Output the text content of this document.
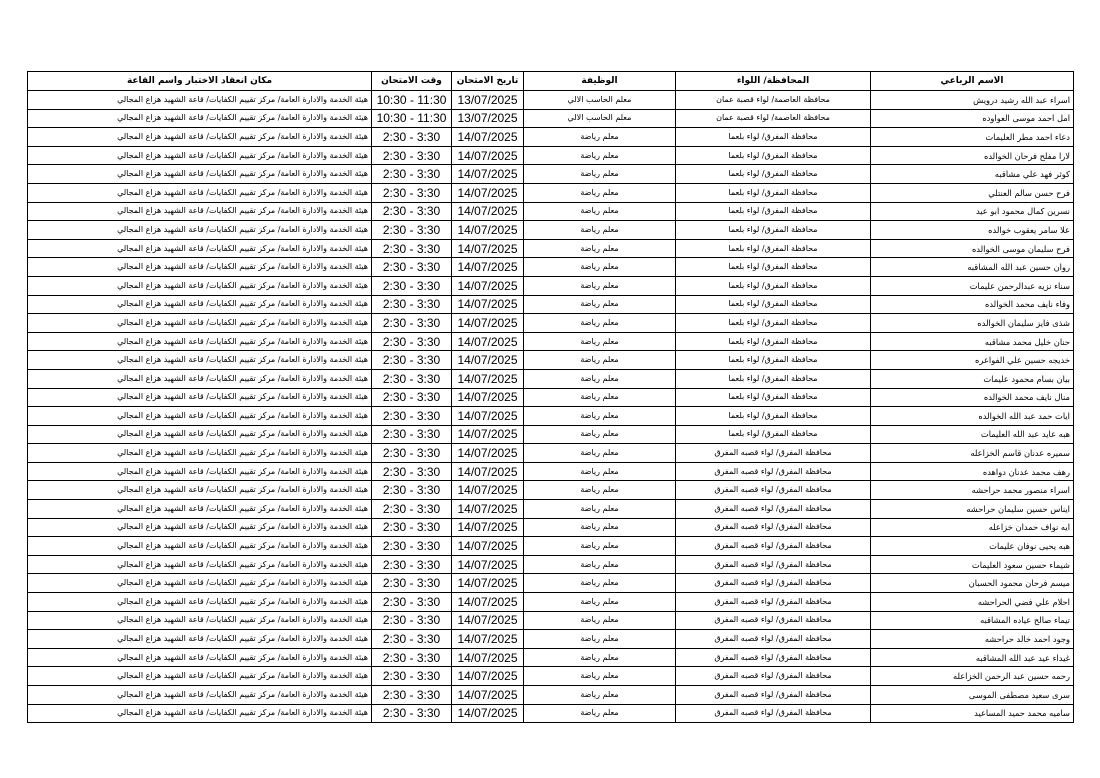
الاسم الرباعي	المحافظة/ اللواء	الوظيفة	تاريخ الامتحان	وقت الامتحان	مكان انعقاد الاختبار واسم القاعة
اسراء عبد الله رشيد درويش	محافظة العاصمة/ لواء قصبة عمان	معلم الحاسب الالي	13/07/2025	10:30 - 11:30	هيئة الخدمة والادارة العامة/ مركز تقييم الكفايات/ قاعة الشهيد هزاع المجالي
امل احمد موسى العواوده	محافظة العاصمة/ لواء قصبة عمان	معلم الحاسب الالي	13/07/2025	10:30 - 11:30	هيئة الخدمة والادارة العامة/ مركز تقييم الكفايات/ قاعة الشهيد هزاع المجالي
دعاء احمد مطر العليمات	محافظة المفرق/ لواء بلعما	معلم رياضة	14/07/2025	2:30 - 3:30	هيئة الخدمة والادارة العامة/ مركز تقييم الكفايات/ قاعة الشهيد هزاع المجالي
لارا مفلح فرحان الخوالده	محافظة المفرق/ لواء بلعما	معلم رياضة	14/07/2025	2:30 - 3:30	هيئة الخدمة والادارة العامة/ مركز تقييم الكفايات/ قاعة الشهيد هزاع المجالي
كوثر فهد علي مشاقبه	محافظة المفرق/ لواء بلعما	معلم رياضة	14/07/2025	2:30 - 3:30	هيئة الخدمة والادارة العامة/ مركز تقييم الكفايات/ قاعة الشهيد هزاع المجالي
فرح حسن سالم العنتلي	محافظة المفرق/ لواء بلعما	معلم رياضة	14/07/2025	2:30 - 3:30	هيئة الخدمة والادارة العامة/ مركز تقييم الكفايات/ قاعة الشهيد هزاع المجالي
نسرين كمال محمود ابو عيد	محافظة المفرق/ لواء بلعما	معلم رياضة	14/07/2025	2:30 - 3:30	هيئة الخدمة والادارة العامة/ مركز تقييم الكفايات/ قاعة الشهيد هزاع المجالي
علا سامر يعقوب خوالده	محافظة المفرق/ لواء بلعما	معلم رياضة	14/07/2025	2:30 - 3:30	هيئة الخدمة والادارة العامة/ مركز تقييم الكفايات/ قاعة الشهيد هزاع المجالي
فرح سليمان موسى الخوالده	محافظة المفرق/ لواء بلعما	معلم رياضة	14/07/2025	2:30 - 3:30	هيئة الخدمة والادارة العامة/ مركز تقييم الكفايات/ قاعة الشهيد هزاع المجالي
روان حسين عبد الله المشاقبه	محافظة المفرق/ لواء بلعما	معلم رياضة	14/07/2025	2:30 - 3:30	هيئة الخدمة والادارة العامة/ مركز تقييم الكفايات/ قاعة الشهيد هزاع المجالي
سناء نزيه عبدالرحمن عليمات	محافظة المفرق/ لواء بلعما	معلم رياضة	14/07/2025	2:30 - 3:30	هيئة الخدمة والادارة العامة/ مركز تقييم الكفايات/ قاعة الشهيد هزاع المجالي
وفاء نايف محمد الخوالده	محافظة المفرق/ لواء بلعما	معلم رياضة	14/07/2025	2:30 - 3:30	هيئة الخدمة والادارة العامة/ مركز تقييم الكفايات/ قاعة الشهيد هزاع المجالي
شذى فايز سليمان الخوالده	محافظة المفرق/ لواء بلعما	معلم رياضة	14/07/2025	2:30 - 3:30	هيئة الخدمة والادارة العامة/ مركز تقييم الكفايات/ قاعة الشهيد هزاع المجالي
حنان خليل محمد مشاقبه	محافظة المفرق/ لواء بلعما	معلم رياضة	14/07/2025	2:30 - 3:30	هيئة الخدمة والادارة العامة/ مركز تقييم الكفايات/ قاعة الشهيد هزاع المجالي
خديجه حسين علي الفواعره	محافظة المفرق/ لواء بلعما	معلم رياضة	14/07/2025	2:30 - 3:30	هيئة الخدمة والادارة العامة/ مركز تقييم الكفايات/ قاعة الشهيد هزاع المجالي
بيان بسام محمود عليمات	محافظة المفرق/ لواء بلعما	معلم رياضة	14/07/2025	2:30 - 3:30	هيئة الخدمة والادارة العامة/ مركز تقييم الكفايات/ قاعة الشهيد هزاع المجالي
منال نايف محمد الخوالده	محافظة المفرق/ لواء بلعما	معلم رياضة	14/07/2025	2:30 - 3:30	هيئة الخدمة والادارة العامة/ مركز تقييم الكفايات/ قاعة الشهيد هزاع المجالي
ايات حمد عبد الله الخوالده	محافظة المفرق/ لواء بلعما	معلم رياضة	14/07/2025	2:30 - 3:30	هيئة الخدمة والادارة العامة/ مركز تقييم الكفايات/ قاعة الشهيد هزاع المجالي
هبه عايد عبد الله العليمات	محافظة المفرق/ لواء بلعما	معلم رياضة	14/07/2025	2:30 - 3:30	هيئة الخدمة والادارة العامة/ مركز تقييم الكفايات/ قاعة الشهيد هزاع المجالي
سميره عدنان قاسم الخزاعله	محافظة المفرق/ لواء قصبه المفرق	معلم رياضة	14/07/2025	2:30 - 3:30	هيئة الخدمة والادارة العامة/ مركز تقييم الكفايات/ قاعة الشهيد هزاع المجالي
رهف محمد عدنان دواهده	محافظة المفرق/ لواء قصبه المفرق	معلم رياضة	14/07/2025	2:30 - 3:30	هيئة الخدمة والادارة العامة/ مركز تقييم الكفايات/ قاعة الشهيد هزاع المجالي
اسراء منصور محمد حراحشه	محافظة المفرق/ لواء قصبه المفرق	معلم رياضة	14/07/2025	2:30 - 3:30	هيئة الخدمة والادارة العامة/ مركز تقييم الكفايات/ قاعة الشهيد هزاع المجالي
ايناس حسين سليمان حراحشه	محافظة المفرق/ لواء قصبه المفرق	معلم رياضة	14/07/2025	2:30 - 3:30	هيئة الخدمة والادارة العامة/ مركز تقييم الكفايات/ قاعة الشهيد هزاع المجالي
ايه نواف حمدان خزاعله	محافظة المفرق/ لواء قصبه المفرق	معلم رياضة	14/07/2025	2:30 - 3:30	هيئة الخدمة والادارة العامة/ مركز تقييم الكفايات/ قاعة الشهيد هزاع المجالي
هبه يحيى نوفان عليمات	محافظة المفرق/ لواء قصبه المفرق	معلم رياضة	14/07/2025	2:30 - 3:30	هيئة الخدمة والادارة العامة/ مركز تقييم الكفايات/ قاعة الشهيد هزاع المجالي
شيماء حسين سعود العليمات	محافظة المفرق/ لواء قصبه المفرق	معلم رياضة	14/07/2025	2:30 - 3:30	هيئة الخدمة والادارة العامة/ مركز تقييم الكفايات/ قاعة الشهيد هزاع المجالي
ميسم فرحان محمود الحسبان	محافظة المفرق/ لواء قصبه المفرق	معلم رياضة	14/07/2025	2:30 - 3:30	هيئة الخدمة والادارة العامة/ مركز تقييم الكفايات/ قاعة الشهيد هزاع المجالي
احلام علي فضي الحراحشه	محافظة المفرق/ لواء قصبه المفرق	معلم رياضة	14/07/2025	2:30 - 3:30	هيئة الخدمة والادارة العامة/ مركز تقييم الكفايات/ قاعة الشهيد هزاع المجالي
تيماء صالح عياده المشاقبه	محافظة المفرق/ لواء قصبه المفرق	معلم رياضة	14/07/2025	2:30 - 3:30	هيئة الخدمة والادارة العامة/ مركز تقييم الكفايات/ قاعة الشهيد هزاع المجالي
وجود احمد خالد حراحشه	محافظة المفرق/ لواء قصبه المفرق	معلم رياضة	14/07/2025	2:30 - 3:30	هيئة الخدمة والادارة العامة/ مركز تقييم الكفايات/ قاعة الشهيد هزاع المجالي
غيداء عيد عبد الله المشاقبه	محافظة المفرق/ لواء قصبه المفرق	معلم رياضة	14/07/2025	2:30 - 3:30	هيئة الخدمة والادارة العامة/ مركز تقييم الكفايات/ قاعة الشهيد هزاع المجالي
رحمه حسين عبد الرحمن الخزاعله	محافظة المفرق/ لواء قصبه المفرق	معلم رياضة	14/07/2025	2:30 - 3:30	هيئة الخدمة والادارة العامة/ مركز تقييم الكفايات/ قاعة الشهيد هزاع المجالي
سرى سعيد مصطفى الموسى	محافظة المفرق/ لواء قصبه المفرق	معلم رياضة	14/07/2025	2:30 - 3:30	هيئة الخدمة والادارة العامة/ مركز تقييم الكفايات/ قاعة الشهيد هزاع المجالي
ساميه محمد حميد المساعيد	محافظة المفرق/ لواء قصبه المفرق	معلم رياضة	14/07/2025	2:30 - 3:30	هيئة الخدمة والادارة العامة/ مركز تقييم الكفايات/ قاعة الشهيد هزاع المجالي
